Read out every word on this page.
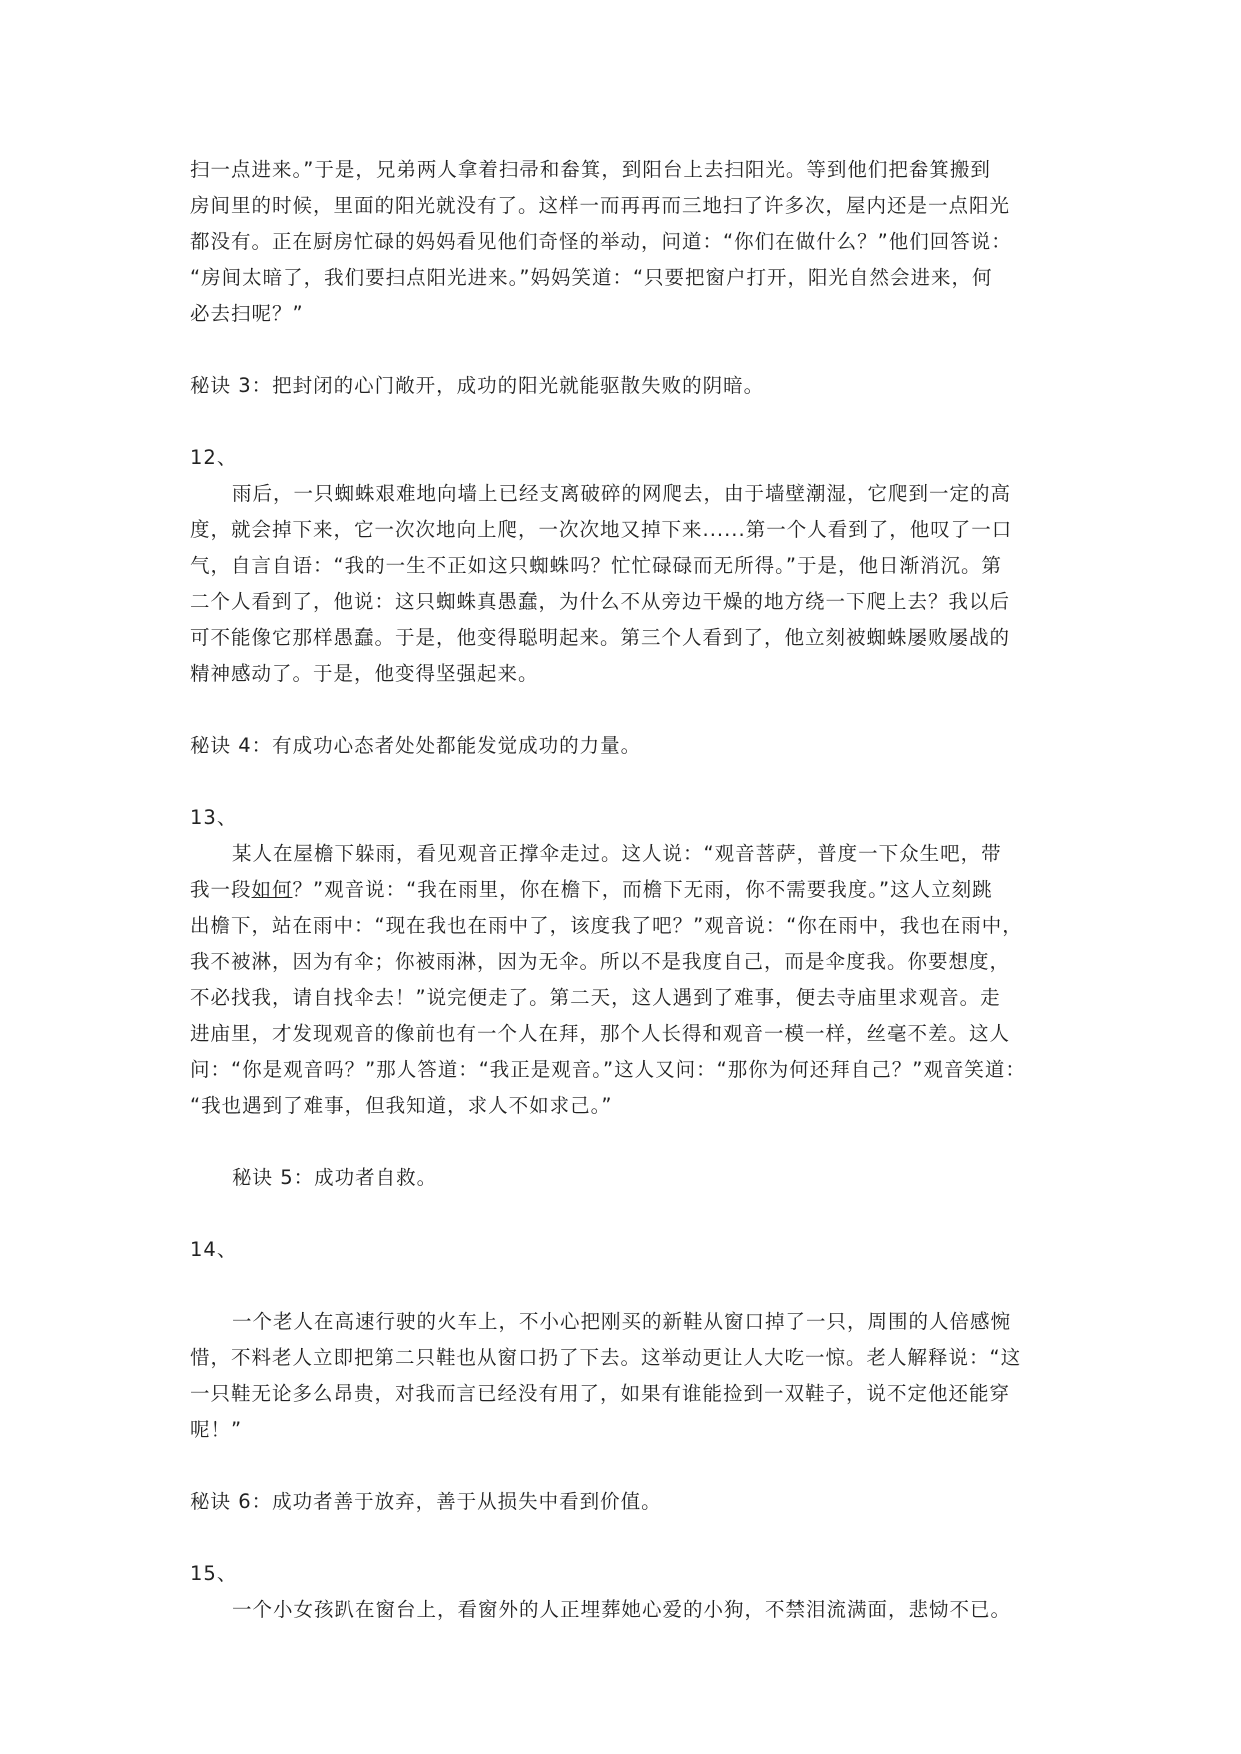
扫一点进来。”于是，兄弟两人拿着扫帚和畚箕，到阳台上去扫阳光。等到他们把畚箕搬到
房间里的时候，里面的阳光就没有了。这样一而再再而三地扫了许多次，屋内还是一点阳光
都没有。正在厨房忙碌的妈妈看见他们奇怪的举动，问道：“你们在做什么？”他们回答说：
“房间太暗了，我们要扫点阳光进来。”妈妈笑道：“只要把窗户打开，阳光自然会进来，何
必去扫呢？”
秘诀 3：把封闭的心门敞开，成功的阳光就能驱散失败的阴暗。
12、
雨后，一只蜘蛛艰难地向墙上已经支离破碎的网爬去，由于墙壁潮湿，它爬到一定的高
度，就会掉下来，它一次次地向上爬，一次次地又掉下来......第一个人看到了，他叹了一口
气，自言自语：“我的一生不正如这只蜘蛛吗？忙忙碌碌而无所得。”于是，他日渐消沉。第
二个人看到了，他说：这只蜘蛛真愚蠢，为什么不从旁边干燥的地方绕一下爬上去？我以后
可不能像它那样愚蠢。于是，他变得聪明起来。第三个人看到了，他立刻被蜘蛛屡败屡战的
精神感动了。于是，他变得坚强起来。
秘诀 4：有成功心态者处处都能发觉成功的力量。
13、
某人在屋檐下躲雨，看见观音正撑伞走过。这人说：“观音菩萨，普度一下众生吧，带
我一段如何？”观音说：“我在雨里，你在檐下，而檐下无雨，你不需要我度。”这人立刻跳
出檐下，站在雨中：“现在我也在雨中了，该度我了吧？”观音说：“你在雨中，我也在雨中，
我不被淋，因为有伞；你被雨淋，因为无伞。所以不是我度自己，而是伞度我。你要想度，
不必找我，请自找伞去！”说完便走了。第二天，这人遇到了难事，便去寺庙里求观音。走
进庙里，才发现观音的像前也有一个人在拜，那个人长得和观音一模一样，丝毫不差。这人
问：“你是观音吗？”那人答道：“我正是观音。”这人又问：“那你为何还拜自己？”观音笑道：
“我也遇到了难事，但我知道，求人不如求己。”
秘诀 5：成功者自救。
14、
一个老人在高速行驶的火车上，不小心把刚买的新鞋从窗口掉了一只，周围的人倍感惋
惜，不料老人立即把第二只鞋也从窗口扔了下去。这举动更让人大吃一惊。老人解释说：“这
一只鞋无论多么昂贵，对我而言已经没有用了，如果有谁能捡到一双鞋子，说不定他还能穿
呢！”
秘诀 6：成功者善于放弃，善于从损失中看到价值。
15、
一个小女孩趴在窗台上，看窗外的人正埋葬她心爱的小狗，不禁泪流满面，悲恸不已。
